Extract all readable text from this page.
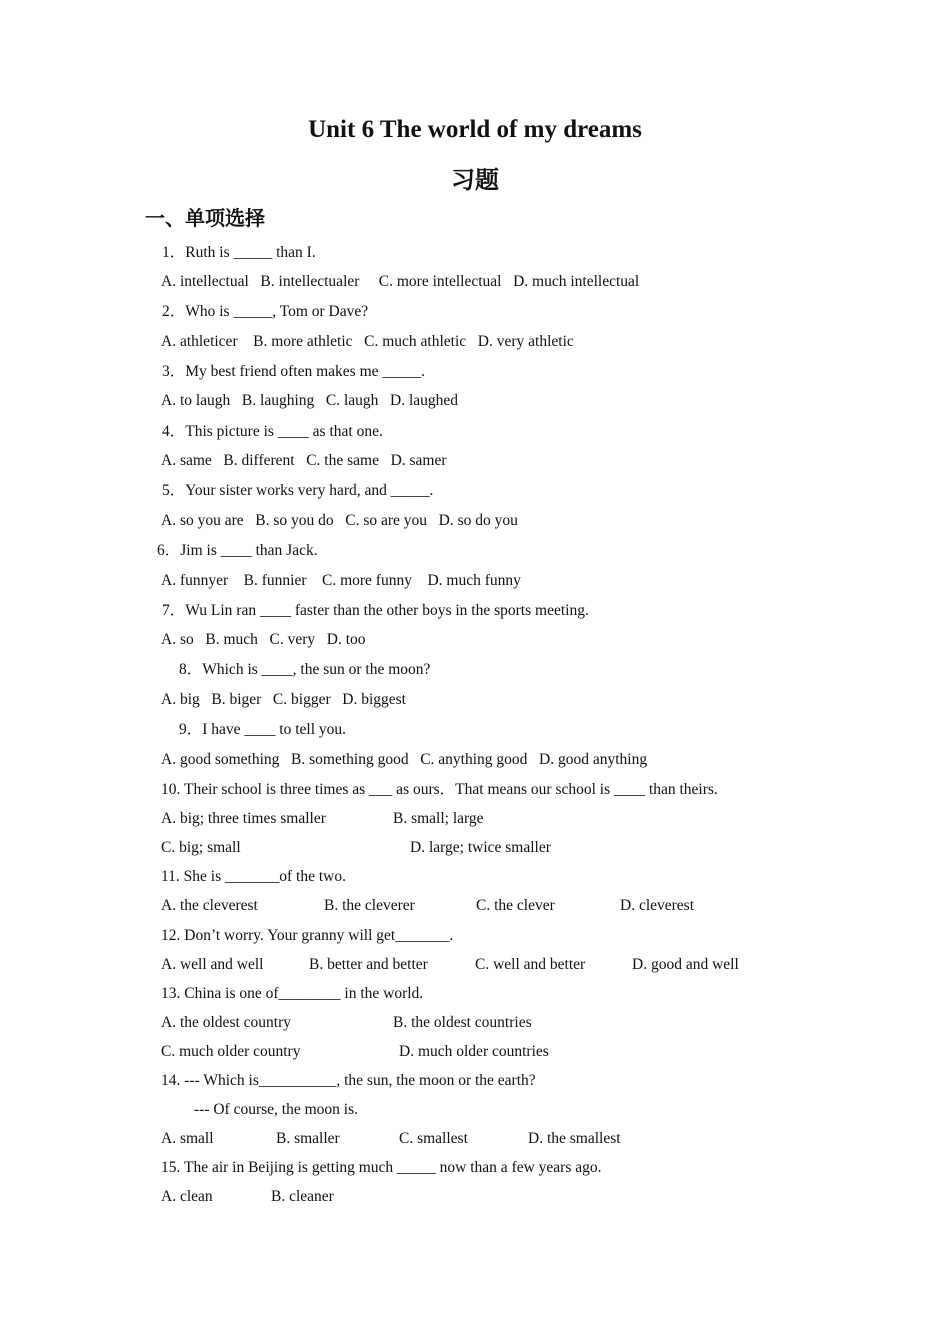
Unit 6 The world of my dreams
习题
一、单项选择
1．Ruth is _____ than I.
A. intellectual   B. intellectualer     C. more intellectual   D. much intellectual
2．Who is _____, Tom or Dave?
A. athleticer    B. more athletic   C. much athletic   D. very athletic
3．My best friend often makes me _____.
A. to laugh   B. laughing   C. laugh   D. laughed
4．This picture is ____ as that one.
A. same   B. different   C. the same   D. samer
5．Your sister works very hard, and _____.
A. so you are   B. so you do   C. so are you   D. so do you
6．Jim is ____ than Jack.
A. funnyer    B. funnier    C. more funny    D. much funny
7．Wu Lin ran ____ faster than the other boys in the sports meeting.
A. so   B. much   C. very   D. too
8．Which is ____, the sun or the moon?
A. big   B. biger   C. bigger   D. biggest
9．I have ____ to tell you.
A. good something   B. something good   C. anything good   D. good anything
10. Their school is three times as ___ as ours．That means our school is ____ than theirs.
A. big; three times smaller	B. small; large
C. big; small	D. large; twice smaller
11. She is _______of the two.
A. the cleverest	B. the cleverer	C. the clever	D. cleverest
12. Don’t worry. Your granny will get_______.
A. well and well	B. better and better	C. well and better	D. good and well
13. China is one of________ in the world.
A. the oldest country	B. the oldest countries
C. much older country	D. much older countries
14. --- Which is__________, the sun, the moon or the earth?
--- Of course, the moon is.
A. small	B. smaller	C. smallest	D. the smallest
15. The air in Beijing is getting much _____ now than a few years ago.
A. clean	B. cleaner
